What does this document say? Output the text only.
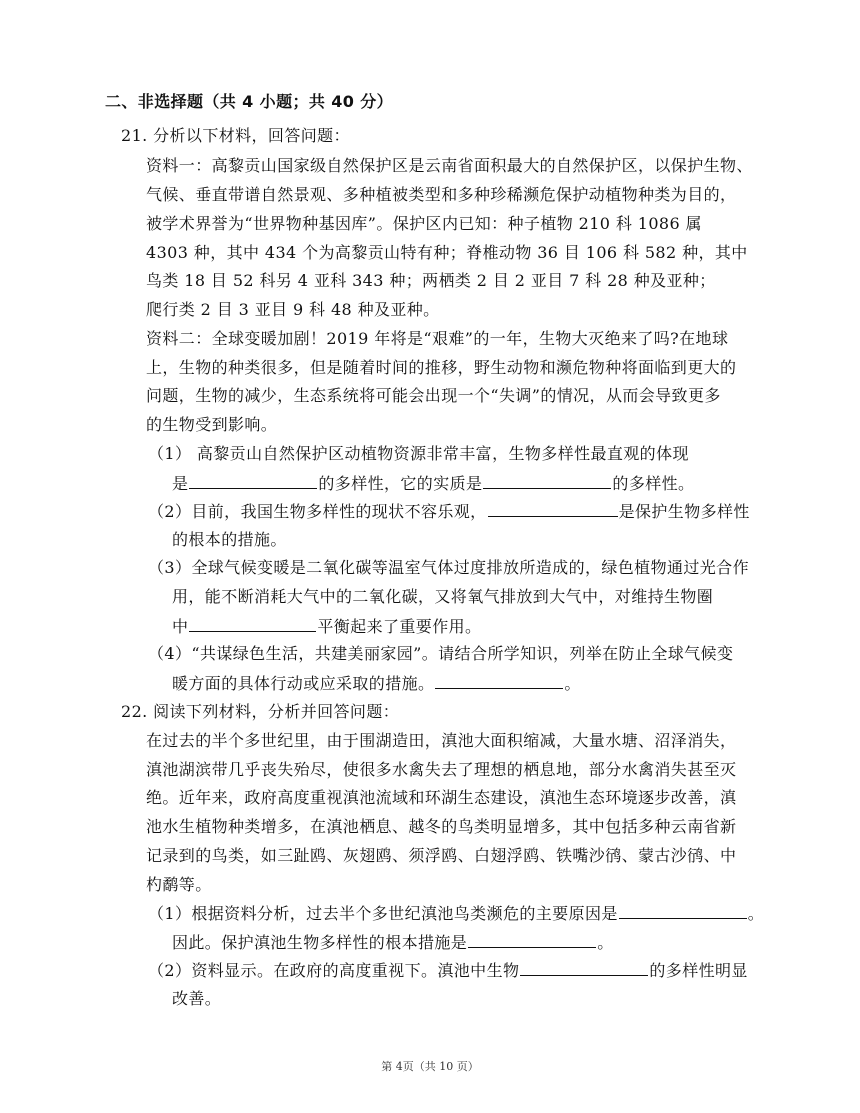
二、非选择题（共 4 小题；共 40 分）
21. 分析以下材料，回答问题：
资料一：高黎贡山国家级自然保护区是云南省面积最大的自然保护区，以保护生物、
气候、垂直带谱自然景观、多种植被类型和多种珍稀濒危保护动植物种类为目的，
被学术界誉为“世界物种基因库”。保护区内已知：种子植物 210 科 1086 属
4303 种，其中 434 个为高黎贡山特有种；脊椎动物 36 目 106 科 582 种，其中
鸟类 18 目 52 科另 4 亚科 343 种；两栖类 2 目 2 亚目 7 科 28 种及亚种；
爬行类 2 目 3 亚目 9 科 48 种及亚种。
资料二：全球变暖加剧！2019 年将是“艰难”的一年，生物大灭绝来了吗?在地球
上，生物的种类很多，但是随着时间的推移，野生动物和濒危物种将面临到更大的
问题，生物的减少，生态系统将可能会出现一个“失调”的情况，从而会导致更多
的生物受到影响。
（1） 高黎贡山自然保护区动植物资源非常丰富，生物多样性最直观的体现
是	的多样性，它的实质是	的多样性。
（2）目前，我国生物多样性的现状不容乐观，	是保护生物多样性
的根本的措施。
（3）全球气候变暖是二氧化碳等温室气体过度排放所造成的，绿色植物通过光合作
用，能不断消耗大气中的二氧化碳，又将氧气排放到大气中，对维持生物圈
中	平衡起来了重要作用。
（4）“共谋绿色生活，共建美丽家园”。请结合所学知识，列举在防止全球气候变
暖方面的具体行动或应采取的措施。	。
22. 阅读下列材料，分析并回答问题：
在过去的半个多世纪里，由于围湖造田，滇池大面积缩减，大量水塘、沼泽消失，
滇池湖滨带几乎丧失殆尽，使很多水禽失去了理想的栖息地，部分水禽消失甚至灭
绝。近年来，政府高度重视滇池流域和环湖生态建设，滇池生态环境逐步改善，滇
池水生植物种类增多，在滇池栖息、越冬的鸟类明显增多，其中包括多种云南省新
记录到的鸟类，如三趾鸥、灰翅鸥、须浮鸥、白翅浮鸥、铁嘴沙鸻、蒙古沙鸻、中
杓鹬等。
（1）根据资料分析，过去半个多世纪滇池鸟类濒危的主要原因是	。
因此。保护滇池生物多样性的根本措施是	。
（2）资料显示。在政府的高度重视下。滇池中生物	的多样性明显
改善。
第 4页（共 10 页）
